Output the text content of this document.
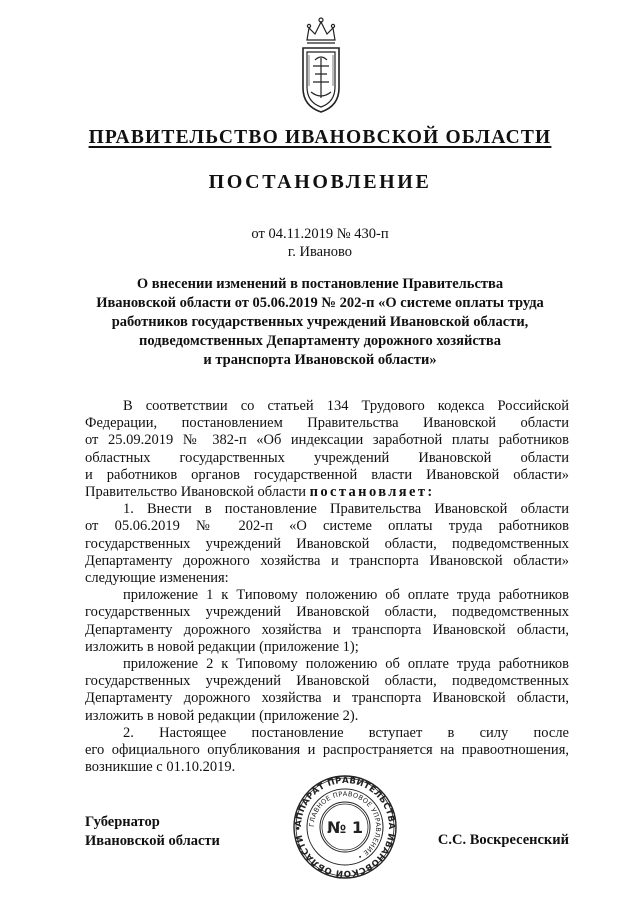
ПРАВИТЕЛЬСТВО ИВАНОВСКОЙ ОБЛАСТИ
ПОСТАНОВЛЕНИЕ
от 04.11.2019 № 430-п
г. Иваново
О внесении изменений в постановление Правительства
Ивановской области от 05.06.2019 № 202-п «О системе оплаты труда
работников государственных учреждений Ивановской области,
подведомственных Департаменту дорожного хозяйства
и транспорта Ивановской области»

В соответствии со статьей 134 Трудового кодекса Российской

Федерации, постановлением Правительства Ивановской области

от 25.09.2019 № 382-п «Об индексации заработной платы работников

областных государственных учреждений Ивановской области

и работников органов государственной власти Ивановской области»

Правительство Ивановской области постановляет:

1. Внести в постановление Правительства Ивановской области

от 05.06.2019 № 202-п «О системе оплаты труда работников

государственных учреждений Ивановской области, подведомственных

Департаменту дорожного хозяйства и транспорта Ивановской области»

следующие изменения:

приложение 1 к Типовому положению об оплате труда работников

государственных учреждений Ивановской области, подведомственных

Департаменту дорожного хозяйства и транспорта Ивановской области,

изложить в новой редакции (приложение 1);

приложение 2 к Типовому положению об оплате труда работников

государственных учреждений Ивановской области, подведомственных

Департаменту дорожного хозяйства и транспорта Ивановской области,

изложить в новой редакции (приложение 2).

2. Настоящее постановление вступает в силу после

его официального опубликования и распространяется на правоотношения,

возникшие с 01.10.2019.

Губернатор
Ивановской области	С.С. Воскресенский
АППАРАТ ПРАВИТЕЛЬСТВА ИВАНОВСКОЙ ОБЛАСТИ •
ГЛАВНОЕ ПРАВОВОЕ УПРАВЛЕНИЕ •
№ 1
